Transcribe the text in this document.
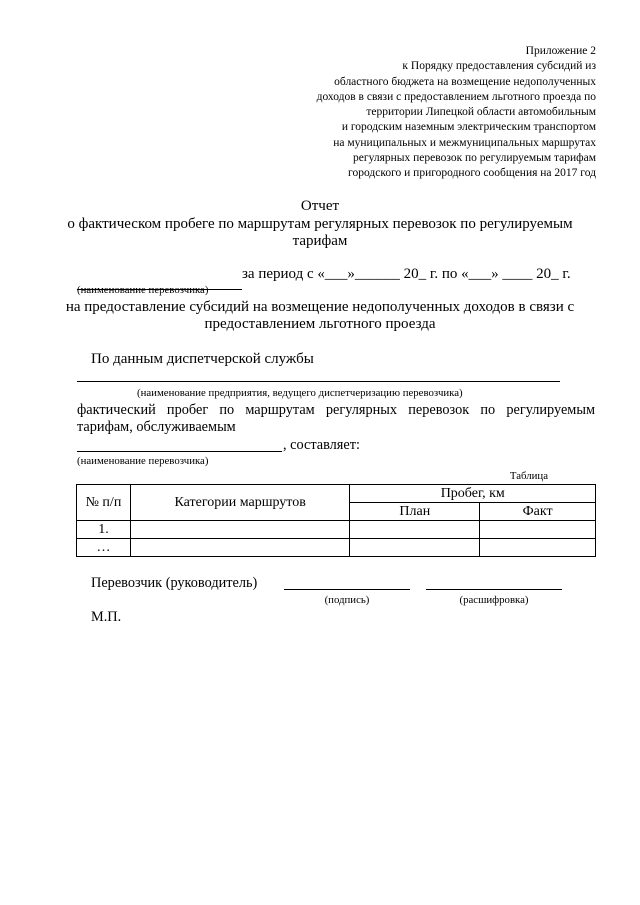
Приложение 2
к Порядку предоставления субсидий из
областного бюджета на возмещение недополученных
доходов в связи с предоставлением льготного проезда по
территории Липецкой области автомобильным
и городским наземным электрическим транспортом
на муниципальных и межмуниципальных маршрутах
регулярных перевозок по регулируемым тарифам
городского и пригородного сообщения на 2017 год
Отчет
о фактическом пробеге по маршрутам регулярных перевозок по регулируемым
тарифам
за период с «___»______ 20_ г. по «___» ____ 20_ г.
(наименование перевозчика)
на предоставление субсидий на возмещение недополученных доходов в связи с
предоставлением льготного проезда
По данным диспетчерской службы
(наименование предприятия, ведущего диспетчеризацию перевозчика)
фактический пробег по маршрутам регулярных перевозок по регулируемым
тарифам, обслуживаемым
, составляет:
(наименование перевозчика)
Таблица
№ п/п	Категории маршрутов	Пробег, км	
		План	Факт
1.			
…			
Перевозчик (руководитель)
(подпись)	(расшифровка)
М.П.
